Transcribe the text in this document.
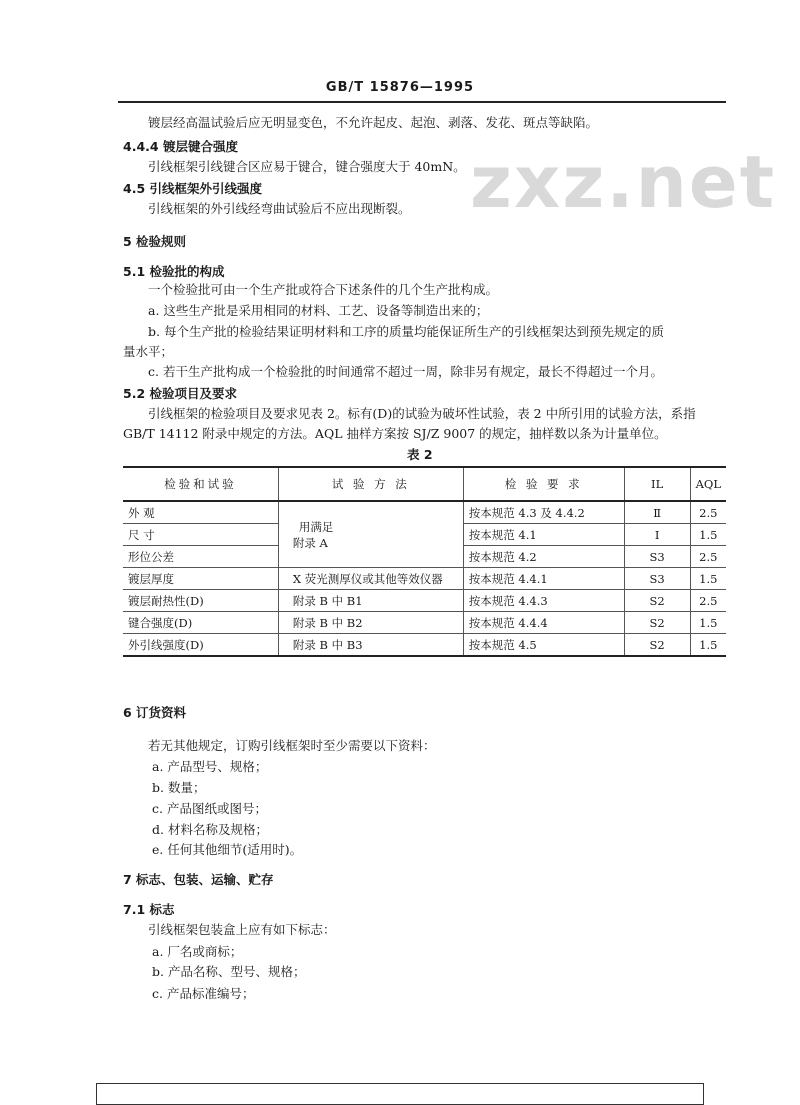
GB/T 15876—1995
zxz.net
镀层经高温试验后应无明显变色，不允许起皮、起泡、剥落、发花、斑点等缺陷。
4.4.4 镀层键合强度
引线框架引线键合区应易于键合，键合强度大于 40mN。
4.5 引线框架外引线强度
引线框架的外引线经弯曲试验后不应出现断裂。
5 检验规则
5.1 检验批的构成
一个检验批可由一个生产批或符合下述条件的几个生产批构成。
a. 这些生产批是采用相同的材料、工艺、设备等制造出来的；
b. 每个生产批的检验结果证明材料和工序的质量均能保证所生产的引线框架达到预先规定的质
量水平；
c. 若干生产批构成一个检验批的时间通常不超过一周，除非另有规定，最长不得超过一个月。
5.2 检验项目及要求
引线框架的检验项目及要求见表 2。标有(D)的试验为破坏性试验，表 2 中所引用的试验方法，系指
GB/T 14112 附录中规定的方法。AQL 抽样方案按 SJ/Z 9007 的规定，抽样数以条为计量单位。
表 2
检验和试验	试 验 方 法	检 验 要 求	IL	AQL
外 观	用满足
附录 A	按本规范 4.3 及 4.4.2	Ⅱ	2.5
尺 寸		按本规范 4.1	Ⅰ	1.5
形位公差		按本规范 4.2	S3	2.5
镀层厚度	X 荧光测厚仪或其他等效仪器	按本规范 4.4.1	S3	1.5
镀层耐热性(D)	附录 B 中 B1	按本规范 4.4.3	S2	2.5
键合强度(D)	附录 B 中 B2	按本规范 4.4.4	S2	1.5
外引线强度(D)	附录 B 中 B3	按本规范 4.5	S2	1.5
6 订货资料
若无其他规定，订购引线框架时至少需要以下资料：
a. 产品型号、规格；
b. 数量；
c. 产品图纸或图号；
d. 材料名称及规格；
e. 任何其他细节(适用时)。
7 标志、包装、运输、贮存
7.1 标志
引线框架包装盒上应有如下标志：
a. 厂名或商标；
b. 产品名称、型号、规格；
c. 产品标准编号；
